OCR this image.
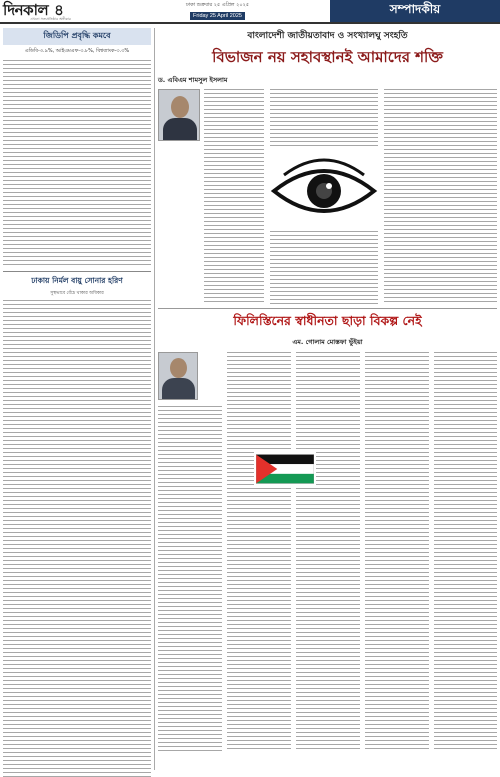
দিনকাল ৪
এখনো সত্যপ্রতিষ্ঠার অঙ্গীকার
ঢাকা শুক্রবার ২৫ এপ্রিল ২০২৫
Friday 25 April 2025	সম্পাদকীয়
জিডিপি প্রবৃদ্ধি কমবে
এডিবি-৩.৯%, আইএমএফ-৩.৮%, বিশ্বব্যাংক-৩.৩%
ঢাকায় নির্মল বায়ু সোনার হরিণ
সুস্থভাবে বেঁচে থাকার অধিকার
বাংলাদেশী জাতীয়তাবাদ ও সংখ্যালঘু সংহতি
বিভাজন নয় সহাবস্থানই আমাদের শক্তি
ড. এবিএম শামসুল ইসলাম
ফিলিস্তিনের স্বাধীনতা ছাড়া বিকল্প নেই
এম. গোলাম মোস্তফা ভুঁইয়া
